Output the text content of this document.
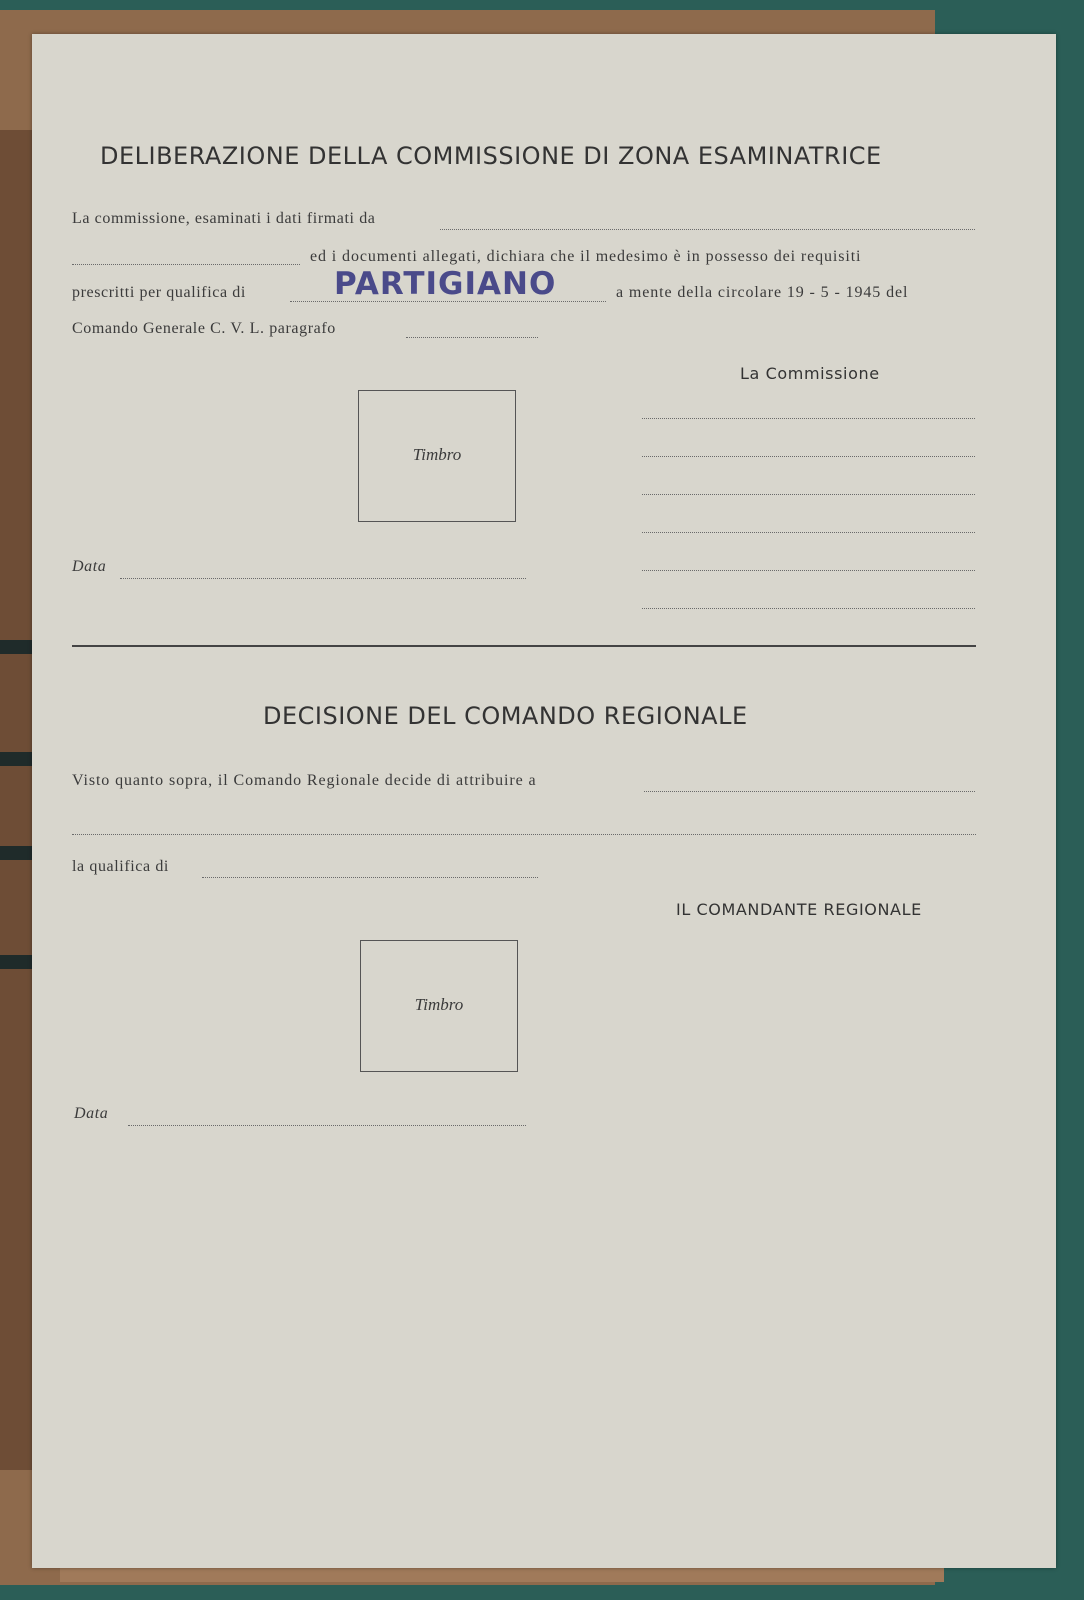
DELIBERAZIONE DELLA COMMISSIONE DI ZONA ESAMINATRICE
La commissione, esaminati i dati firmati da
ed i documenti allegati, dichiara che il medesimo è in possesso dei requisiti
prescritti per qualifica di	PARTIGIANO	a mente della circolare 19 - 5 - 1945 del
Comando Generale C. V. L. paragrafo
La Commissione
Timbro
Data
DECISIONE DEL COMANDO REGIONALE
Visto quanto sopra, il Comando Regionale decide di attribuire a
la qualifica di
IL COMANDANTE REGIONALE
Timbro
Data
